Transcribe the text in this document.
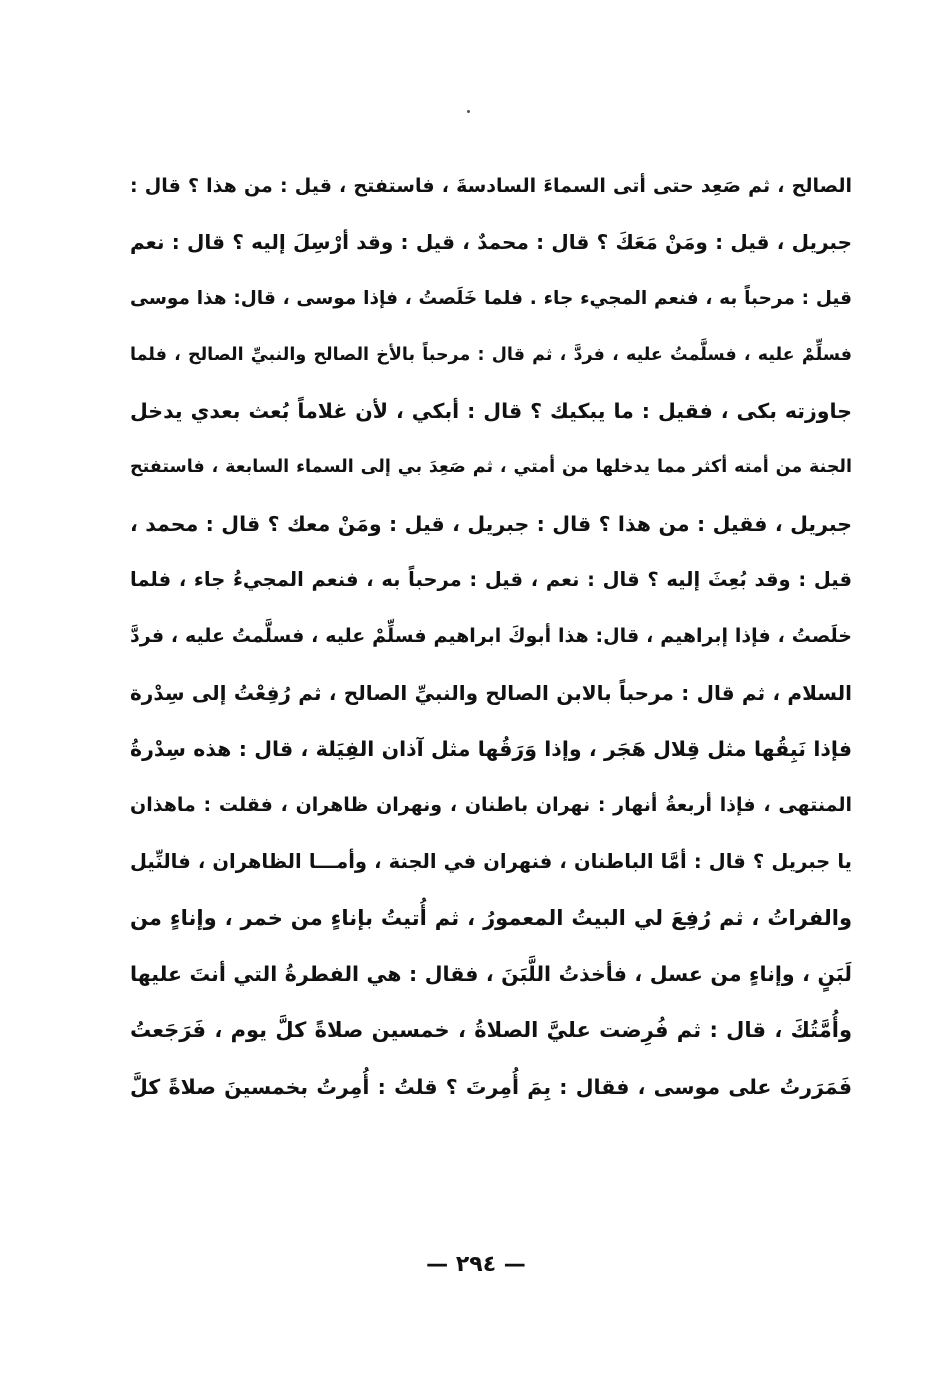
الصالح ، ثم صَعِد حتى أتى السماءَ السادسةَ ، فاستفتح ، قيل : من هذا ؟ قال :
جبريل ، قيل : ومَنْ مَعَكَ ؟ قال : محمدٌ ، قيل : وقد أرْسِلَ إليه ؟ قال : نعم
قيل : مرحباً به ، فنعم المجيء جاء . فلما خَلَصتُ ، فإذا موسى ، قال: هذا موسى
فسلِّمْ عليه ، فسلَّمتُ عليه ، فردَّ ، ثم قال : مرحباً بالأخ الصالح والنبيِّ الصالح ، فلما
جاوزته بكى ، فقيل : ما يبكيك ؟ قال : أبكي ، لأن غلاماً بُعث بعدي يدخل
الجنة من أمته أكثر مما يدخلها من أمتي ، ثم صَعِدَ بي إلى السماء السابعة ، فاستفتح
جبريل ، فقيل : من هذا ؟ قال : جبريل ، قيل : ومَنْ معك ؟ قال : محمد ،
قيل : وقد بُعِثَ إليه ؟ قال : نعم ، قيل : مرحباً به ، فنعم المجيءُ جاء ، فلما
خلَصتُ ، فإذا إبراهيم ، قال: هذا أبوكَ ابراهيم فسلِّمْ عليه ، فسلَّمتُ عليه ، فردَّ
السلام ، ثم قال : مرحباً بالابن الصالح والنبيِّ الصالح ، ثم رُفِعْتُ إلى سِدْرة
فإذا نَبِقُها مثل قِلال هَجَر ، وإذا وَرَقُها مثل آذان الفِيَلة ، قال : هذه سِدْرةُ
المنتهى ، فإذا أربعةُ أنهار : نهران باطنان ، ونهران ظاهران ، فقلت : ماهذان
يا جبريل ؟ قال : أمَّا الباطنان ، فنهران في الجنة ، وأمـــا الظاهران ، فالنِّيل
والفراتُ ، ثم رُفِعَ لي البيتُ المعمورُ ، ثم أُتيتُ بإناءٍ من خمر ، وإناءٍ من
لَبَنٍ ، وإناءٍ من عسل ، فأخذتُ اللَّبَنَ ، فقال : هي الفطرةُ التي أنتَ عليها
وأُمَّتُكَ ، قال : ثم فُرِضت عليَّ الصلاةُ ، خمسين صلاةً كلَّ يوم ، فَرَجَعتُ
فَمَرَرتُ على موسى ، فقال : بِمَ أُمِرتَ ؟ قلتُ : أُمِرتُ بخمسينَ صلاةً كلَّ
— ٢٩٤ —
